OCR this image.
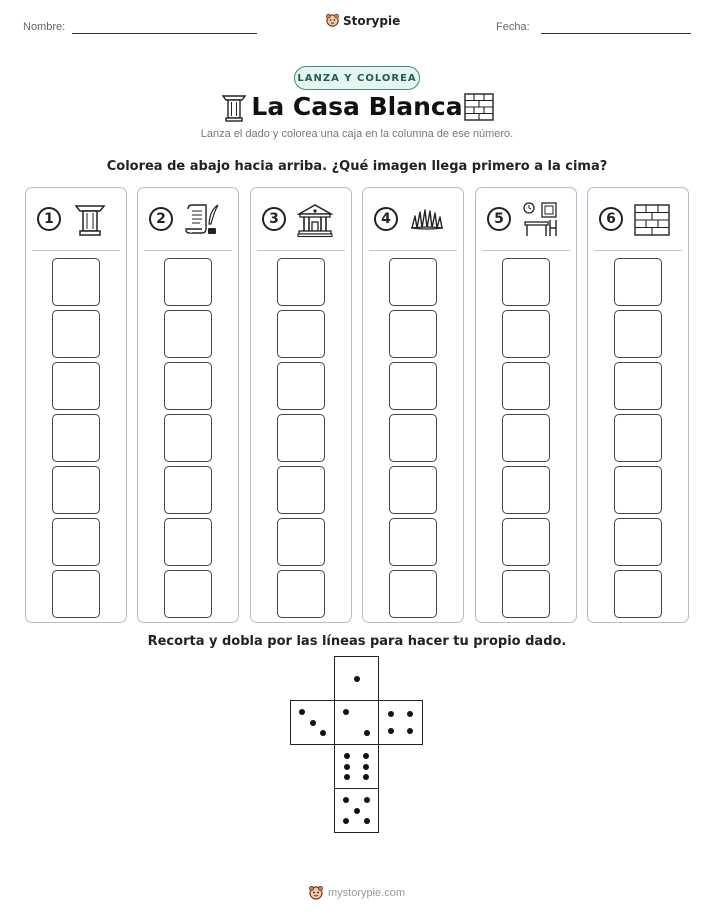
Nombre:	Storypie	Fecha:
LANZA Y COLOREA
La Casa Blanca
Lanza el dado y colorea una caja en la columna de ese número.
Colorea de abajo hacia arriba. ¿Qué imagen llega primero a la cima?
1	2	3	4	5	6
Recorta y dobla por las líneas para hacer tu propio dado.
mystorypie.com
